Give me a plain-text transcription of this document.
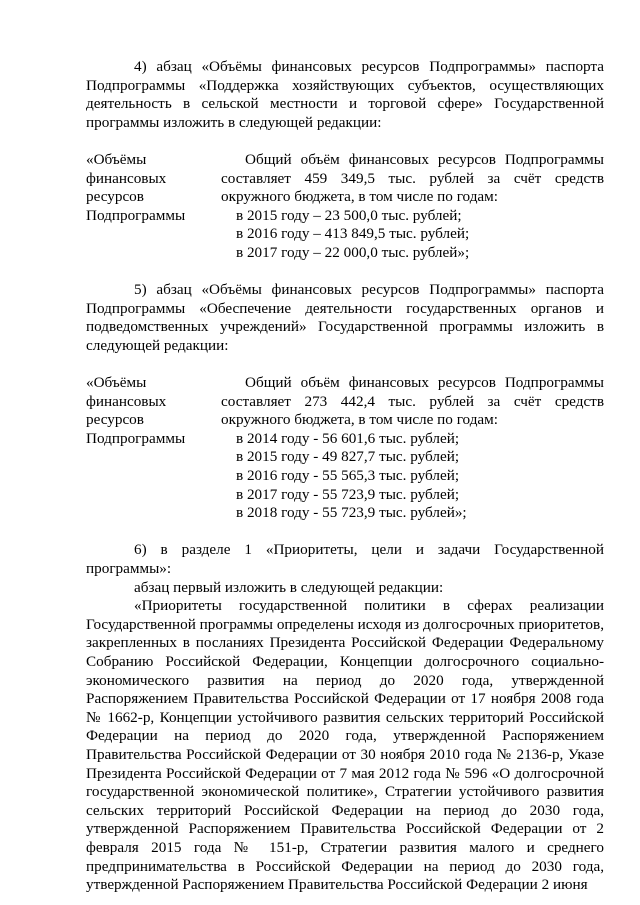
4) абзац «Объёмы финансовых ресурсов Подпрограммы» паспорта Подпрограммы «Поддержка хозяйствующих субъектов, осуществляющих деятельность в сельской местности и торговой сфере» Государственной программы изложить в следующей редакции:

«Объёмы
финансовых
ресурсов
Подпрограммы

Общий объём финансовых ресурсов Подпрограммы составляет 459 349,5 тыс. рублей за счёт средств окружного бюджета, в том числе по годам:

в 2015 году – 23 500,0 тыс. рублей;

в 2016 году – 413 849,5 тыс. рублей;

в 2017 году – 22 000,0 тыс. рублей»;

5) абзац «Объёмы финансовых ресурсов Подпрограммы» паспорта Подпрограммы «Обеспечение деятельности государственных органов и подведомственных учреждений» Государственной программы изложить в следующей редакции:

«Объёмы
финансовых
ресурсов
Подпрограммы

Общий объём финансовых ресурсов Подпрограммы составляет 273 442,4 тыс. рублей за счёт средств окружного бюджета, в том числе по годам:

в 2014 году - 56 601,6 тыс. рублей;

в 2015 году - 49 827,7 тыс. рублей;

в 2016 году - 55 565,3 тыс. рублей;

в 2017 году - 55 723,9 тыс. рублей;

в 2018 году - 55 723,9 тыс. рублей»;

6) в разделе 1 «Приоритеты, цели и задачи Государственной программы»:

абзац первый изложить в следующей редакции:

«Приоритеты государственной политики в сферах реализации Государственной программы определены исходя из долгосрочных приоритетов, закрепленных в посланиях Президента Российской Федерации Федеральному Собранию Российской Федерации, Концепции долгосрочного социально-экономического развития на период до 2020 года, утвержденной Распоряжением Правительства Российской Федерации от 17 ноября 2008 года № 1662-р, Концепции устойчивого развития сельских территорий Российской Федерации на период до 2020 года, утвержденной Распоряжением Правительства Российской Федерации от 30 ноября 2010 года № 2136-р, Указе Президента Российской Федерации от 7 мая 2012 года № 596 «О долгосрочной государственной экономической политике», Стратегии устойчивого развития сельских территорий Российской Федерации на период до 2030 года, утвержденной Распоряжением Правительства Российской Федерации от 2 февраля 2015 года № 151-р, Стратегии развития малого и среднего предпринимательства в Российской Федерации на период до 2030 года, утвержденной Распоряжением Правительства Российской Федерации 2 июня
